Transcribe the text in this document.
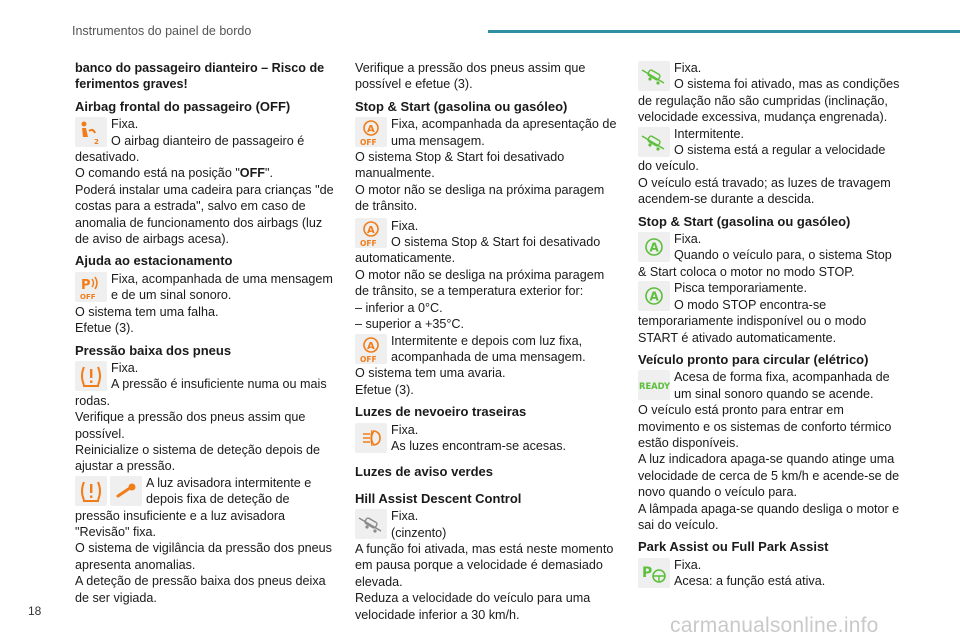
Instrumentos do painel de bordo

banco do passageiro dianteiro – Risco de ferimentos graves!

Airbag frontal do passageiro (OFF)

2

Fixa.

O airbag dianteiro de passageiro é desativado.

O comando está na posição "OFF".

Poderá instalar uma cadeira para crianças "de costas para a estrada", salvo em caso de anomalia de funcionamento dos airbags (luz de aviso de airbags acesa).

Ajuda ao estacionamento

P
OFF

Fixa, acompanhada de uma mensagem e de um sinal sonoro.

O sistema tem uma falha.

Efetue (3).

Pressão baixa dos pneus

Fixa.

A pressão é insuficiente numa ou mais rodas.

Verifique a pressão dos pneus assim que possível.

Reinicialize o sistema de deteção depois de ajustar a pressão.

A luz avisadora intermitente e depois fixa de deteção de pressão insuficiente e a luz avisadora "Revisão" fixa.

O sistema de vigilância da pressão dos pneus apresenta anomalias.

A deteção de pressão baixa dos pneus deixa de ser vigiada.

Verifique a pressão dos pneus assim que possível e efetue (3).

Stop & Start (gasolina ou gasóleo)

A
OFF

Fixa, acompanhada da apresentação de uma mensagem.

O sistema Stop & Start foi desativado manualmente.

O motor não se desliga na próxima paragem de trânsito.

A
OFF

Fixa.

O sistema Stop & Start foi desativado automaticamente.

O motor não se desliga na próxima paragem de trânsito, se a temperatura exterior for:

– inferior a 0°C.

– superior a +35°C.

A
OFF

Intermitente e depois com luz fixa, acompanhada de uma mensagem.

O sistema tem uma avaria.

Efetue (3).

Luzes de nevoeiro traseiras

Fixa.

As luzes encontram-se acesas.

Luzes de aviso verdes

Hill Assist Descent Control

Fixa.

(cinzento)

A função foi ativada, mas está neste momento em pausa porque a velocidade é demasiado elevada.

Reduza a velocidade do veículo para uma velocidade inferior a 30 km/h.

Fixa.

O sistema foi ativado, mas as condições de regulação não são cumpridas (inclinação, velocidade excessiva, mudança engrenada).

Intermitente.

O sistema está a regular a velocidade do veículo.

O veículo está travado; as luzes de travagem acendem-se durante a descida.

Stop & Start (gasolina ou gasóleo)

A

Fixa.

Quando o veículo para, o sistema Stop & Start coloca o motor no modo STOP.

A

Pisca temporariamente.

O modo STOP encontra-se temporariamente indisponível ou o modo START é ativado automaticamente.

Veículo pronto para circular (elétrico)

READY

Acesa de forma fixa, acompanhada de um sinal sonoro quando se acende.

O veículo está pronto para entrar em movimento e os sistemas de conforto térmico estão disponíveis.

A luz indicadora apaga-se quando atinge uma velocidade de cerca de 5 km/h e acende-se de novo quando o veículo para.

A lâmpada apaga-se quando desliga o motor e sai do veículo.

Park Assist ou Full Park Assist

P	Fixa.

Acesa: a função está ativa.

18
carmanualsonline.info
